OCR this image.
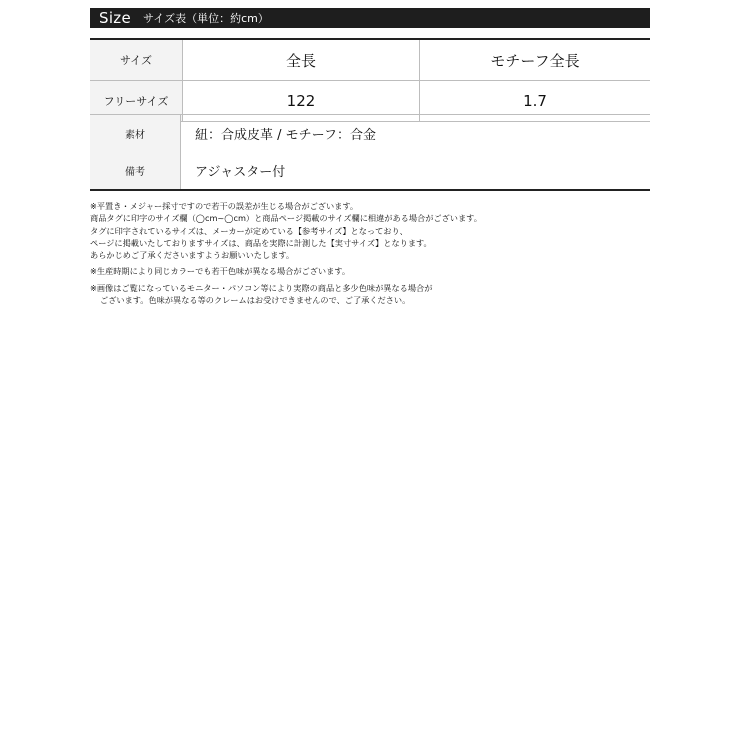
Size サイズ表（単位：約cm）
サイズ	全長	モチーフ全長
フリーサイズ	122	1.7
素材	紐：合成皮革 / モチーフ：合金
備考	アジャスター付

※平置き・メジャー採寸ですので若干の誤差が生じる場合がございます。

商品タグに印字のサイズ欄（◯cm~◯cm）と商品ページ掲載のサイズ欄に相違がある場合がございます。

タグに印字されているサイズは、メーカーが定めている【参考サイズ】となっており、

ページに掲載いたしておりますサイズは、商品を実際に計測した【実寸サイズ】となります。

あらかじめご了承くださいますようお願いいたします。

※生産時期により同じカラーでも若干色味が異なる場合がございます。

※画像はご覧になっているモニター・パソコン等により実際の商品と多少色味が異なる場合が

ございます。色味が異なる等のクレームはお受けできませんので、ご了承ください。
